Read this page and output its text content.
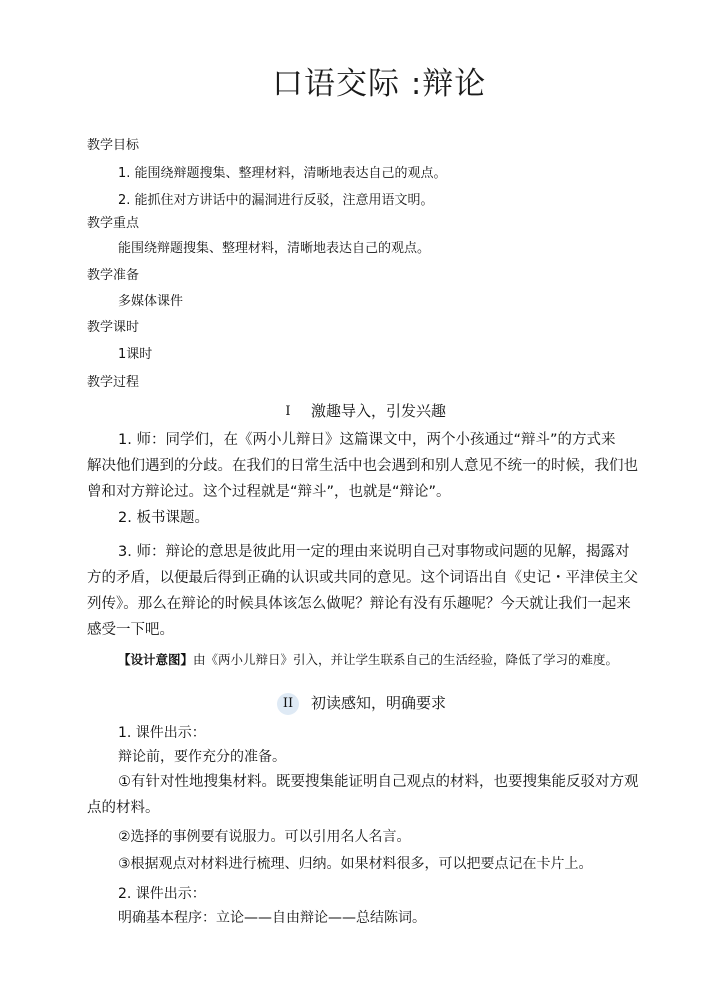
口语交际 :辩论
教学目标
1. 能围绕辩题搜集、整理材料，清晰地表达自己的观点。
2. 能抓住对方讲话中的漏洞进行反驳，注意用语文明。
教学重点
能围绕辩题搜集、整理材料，清晰地表达自己的观点。
教学准备
多媒体课件
教学课时
1课时
教学过程
I 激趣导入，引发兴趣
1. 师：同学们，在《两小儿辩日》这篇课文中，两个小孩通过“辩斗”的方式来
解决他们遇到的分歧。在我们的日常生活中也会遇到和别人意见不统一的时候，我们也
曾和对方辩论过。这个过程就是“辩斗”，也就是“辩论”。
2. 板书课题。
3. 师：辩论的意思是彼此用一定的理由来说明自己对事物或问题的见解，揭露对
方的矛盾，以便最后得到正确的认识或共同的意见。这个词语出自《史记・平津侯主父
列传》。那么在辩论的时候具体该怎么做呢？辩论有没有乐趣呢？今天就让我们一起来
感受一下吧。
【设计意图】由《两小儿辩日》引入，并让学生联系自己的生活经验，降低了学习的难度。
II 初读感知，明确要求
1. 课件出示：
辩论前，要作充分的准备。
①有针对性地搜集材料。既要搜集能证明自己观点的材料，也要搜集能反驳对方观
点的材料。
②选择的事例要有说服力。可以引用名人名言。
③根据观点对材料进行梳理、归纳。如果材料很多，可以把要点记在卡片上。
2. 课件出示：
明确基本程序：立论——自由辩论——总结陈词。
